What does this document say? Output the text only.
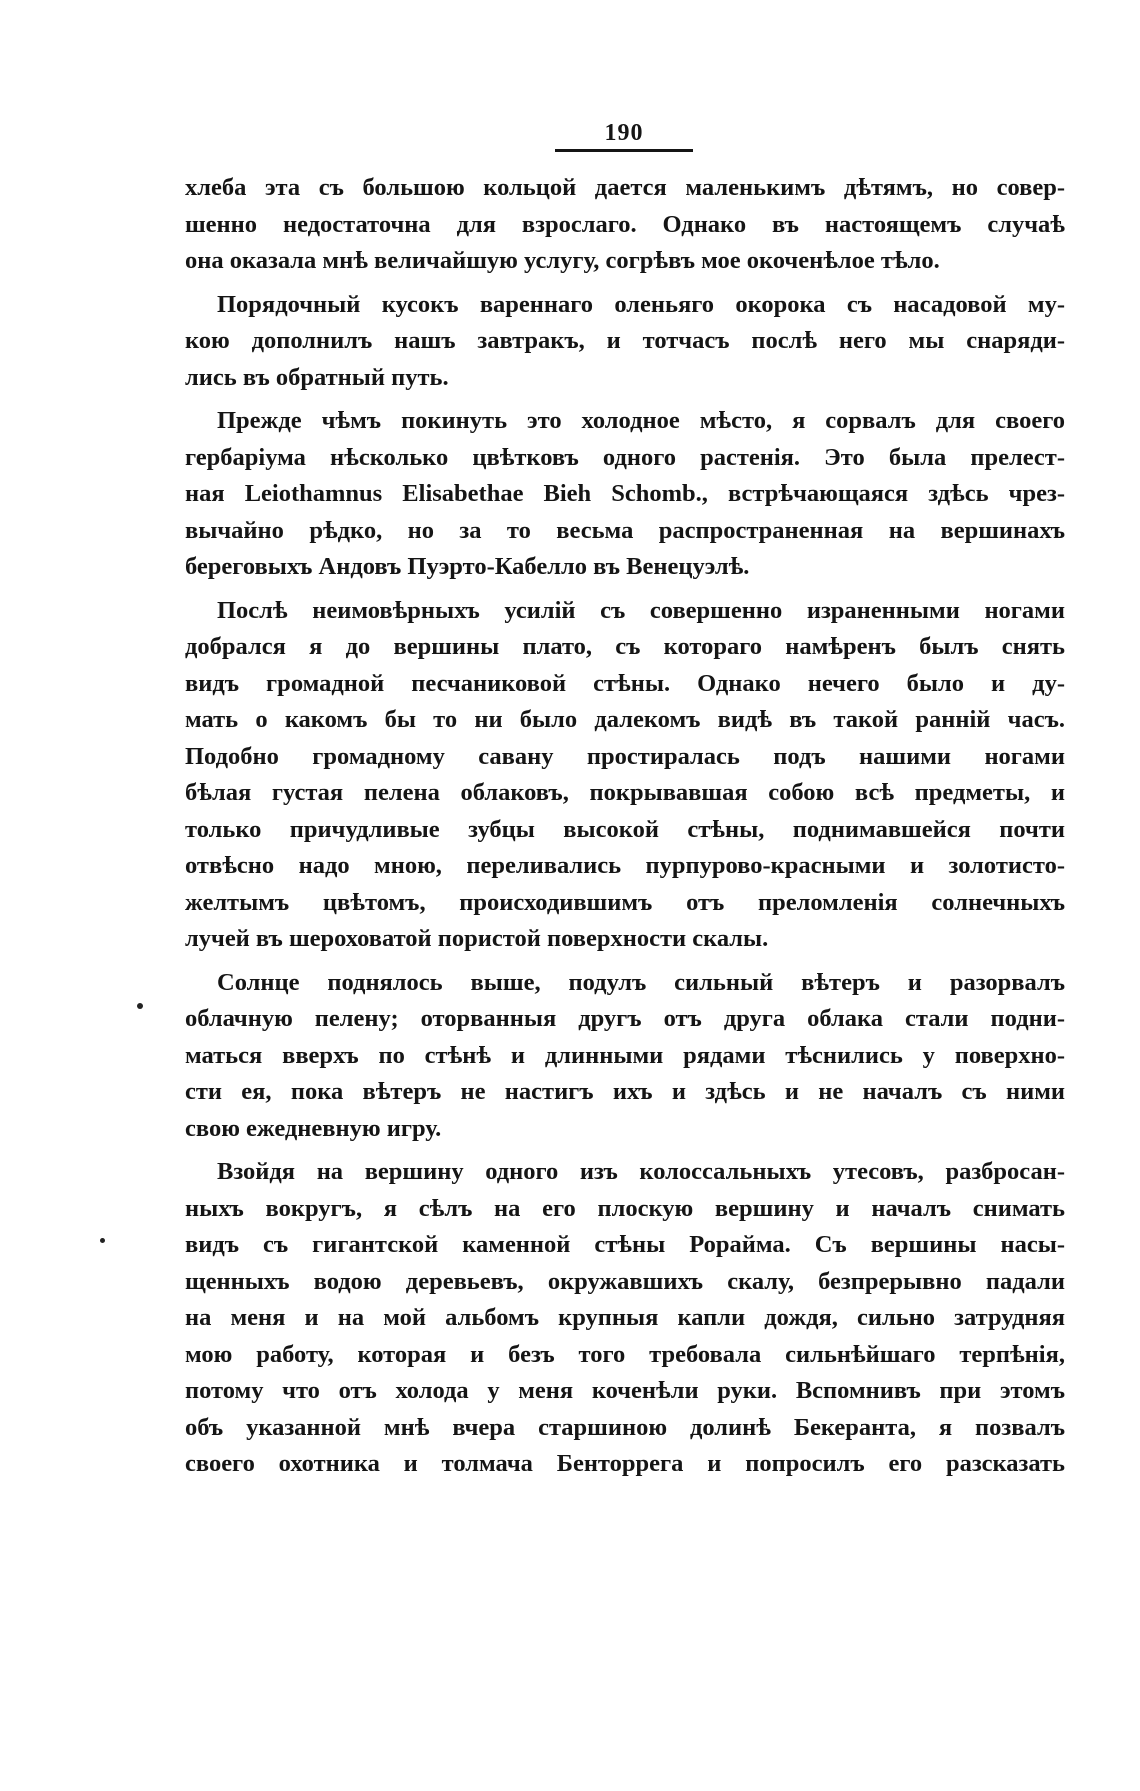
190
хлеба эта съ большою кольцой дается маленькимъ дѣтямъ, но совер-
шенно недостаточна для взрослаго. Однако въ настоящемъ случаѣ
она оказала мнѣ величайшую услугу, согрѣвъ мое окоченѣлое тѣло.
Порядочный кусокъ вареннаго оленьяго окорока съ насадовой му-
кою дополнилъ нашъ завтракъ, и тотчасъ послѣ него мы снаряди-
лись въ обратный путь.
Прежде чѣмъ покинуть это холодное мѣсто, я сорвалъ для своего
гербаріума нѣсколько цвѣтковъ одного растенія. Это была прелест-
ная Leiothamnus Elisabethae Bieh Schomb., встрѣчающаяся здѣсь чрез-
вычайно рѣдко, но за то весьма распространенная на вершинахъ
береговыхъ Андовъ Пуэрто-Кабелло въ Венецуэлѣ.
Послѣ неимовѣрныхъ усилій съ совершенно израненными ногами
добрался я до вершины плато, съ котораго намѣренъ былъ снять
видъ громадной песчаниковой стѣны. Однако нечего было и ду-
мать о какомъ бы то ни было далекомъ видѣ въ такой ранній часъ.
Подобно громадному савану простиралась подъ нашими ногами
бѣлая густая пелена облаковъ, покрывавшая собою всѣ предметы, и
только причудливые зубцы высокой стѣны, поднимавшейся почти
отвѣсно надо мною, переливались пурпурово-красными и золотисто-
желтымъ цвѣтомъ, происходившимъ отъ преломленія солнечныхъ
лучей въ шероховатой пористой поверхности скалы.
Солнце поднялось выше, подулъ сильный вѣтеръ и разорвалъ
облачную пелену; оторванныя другъ отъ друга облака стали подни-
маться вверхъ по стѣнѣ и длинными рядами тѣснились у поверхно-
сти ея, пока вѣтеръ не настигъ ихъ и здѣсь и не началъ съ ними
свою ежедневную игру.
Взойдя на вершину одного изъ колоссальныхъ утесовъ, разбросан-
ныхъ вокругъ, я сѣлъ на его плоскую вершину и началъ снимать
видъ съ гигантской каменной стѣны Рорайма. Съ вершины насы-
щенныхъ водою деревьевъ, окружавшихъ скалу, безпрерывно падали
на меня и на мой альбомъ крупныя капли дождя, сильно затрудняя
мою работу, которая и безъ того требовала сильнѣйшаго терпѣнія,
потому что отъ холода у меня коченѣли руки. Вспомнивъ при этомъ
объ указанной мнѣ вчера старшиною долинѣ Бекеранта, я позвалъ
своего охотника и толмача Бенторрега и попросилъ его разсказать
